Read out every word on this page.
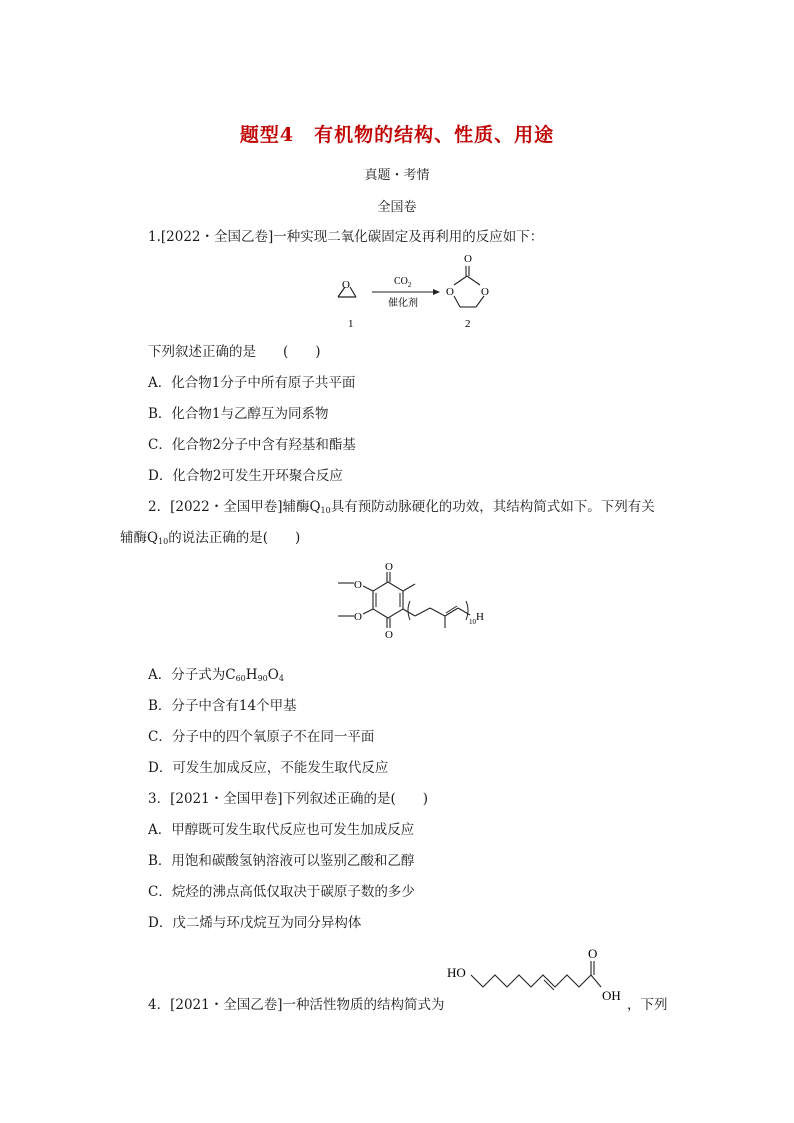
题型4　有机物的结构、性质、用途
真题・考情
全国卷
1.[2022・全国乙卷]一种实现二氧化碳固定及再利用的反应如下：
O	$CO_2$
催化剂
O
O O
1	2
下列叙述正确的是　　(　　)
A．化合物1分子中所有原子共平面
B．化合物1与乙醇互为同系物
C．化合物2分子中含有羟基和酯基
D．化合物2可发生开环聚合反应
2．[2022・全国甲卷]辅酶$Q_{10}$具有预防动脉硬化的功效，其结构简式如下。下列有关
辅酶$Q_{10}$的说法正确的是(　　)
O
O
O
O	10 H
A．分子式为$C_{60}H_{90}O_4$
B．分子中含有14个甲基
C．分子中的四个氧原子不在同一平面
D．可发生加成反应，不能发生取代反应
3．[2021・全国甲卷]下列叙述正确的是(　　)
A．甲醇既可发生取代反应也可发生加成反应
B．用饱和碳酸氢钠溶液可以鉴别乙酸和乙醇
C．烷烃的沸点高低仅取决于碳原子数的多少
D．戊二烯与环戊烷互为同分异构体
4．[2021・全国乙卷]一种活性物质的结构简式为
HO
O
OH
，下列
